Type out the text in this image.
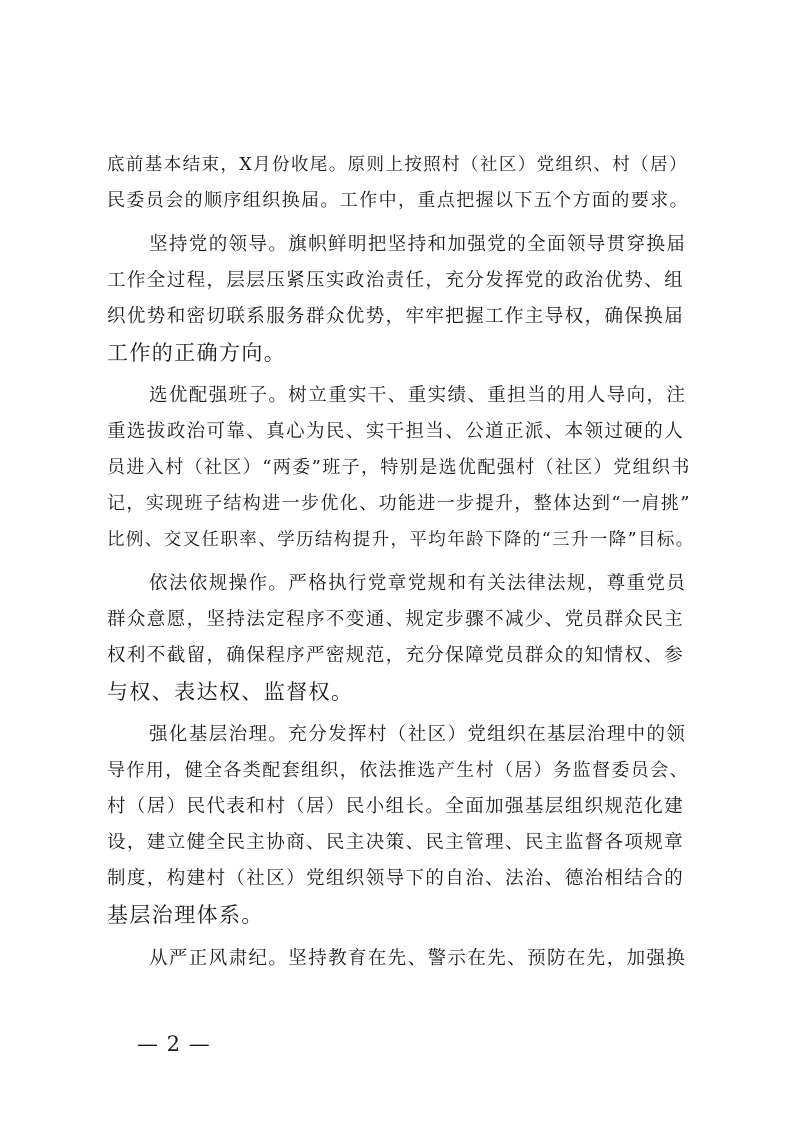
底前基本结束，X月份收尾。原则上按照村（社区）党组织、村（居）
民委员会的顺序组织换届。工作中，重点把握以下五个方面的要求。
坚持党的领导。旗帜鲜明把坚持和加强党的全面领导贯穿换届
工作全过程，层层压紧压实政治责任，充分发挥党的政治优势、组
织优势和密切联系服务群众优势，牢牢把握工作主导权，确保换届
工作的正确方向。
选优配强班子。树立重实干、重实绩、重担当的用人导向，注
重选拔政治可靠、真心为民、实干担当、公道正派、本领过硬的人
员进入村（社区）“两委”班子，特别是选优配强村（社区）党组织书
记，实现班子结构进一步优化、功能进一步提升，整体达到“一肩挑”
比例、交叉任职率、学历结构提升，平均年龄下降的“三升一降”目标。
依法依规操作。严格执行党章党规和有关法律法规，尊重党员
群众意愿，坚持法定程序不变通、规定步骤不减少、党员群众民主
权利不截留，确保程序严密规范，充分保障党员群众的知情权、参
与权、表达权、监督权。
强化基层治理。充分发挥村（社区）党组织在基层治理中的领
导作用，健全各类配套组织，依法推选产生村（居）务监督委员会、
村（居）民代表和村（居）民小组长。全面加强基层组织规范化建
设，建立健全民主协商、民主决策、民主管理、民主监督各项规章
制度，构建村（社区）党组织领导下的自治、法治、德治相结合的
基层治理体系。
从严正风肃纪。坚持教育在先、警示在先、预防在先，加强换
— 2 —
